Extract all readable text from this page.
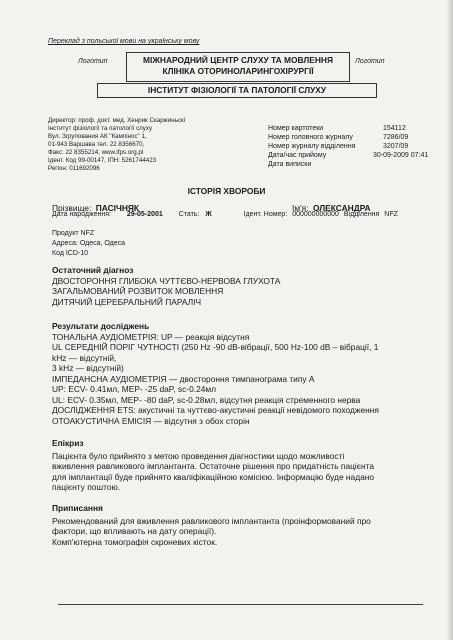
Переклад з польської мови на українську мову
Логотип	Логотип
МІЖНАРОДНИЙ ЦЕНТР СЛУХУ ТА МОВЛЕННЯ
КЛІНІКА ОТОРИНОЛАРИНГОХІРУРГІЇ
ІНСТИТУТ ФІЗІОЛОГІЇ ТА ПАТОЛОГІЇ СЛУХУ
Директор: проф. докт. мед. Хенрик Скаржиньскі
Інститут фізіології та патології слуху
Вул. Згрупования АК "Кампінос" 1,
01-943 Варшава тел. 22 8356670,
Факс: 22 8355214, www.ifps.org.pl
Ідент. Код 99-00147, ІПН: 5261744423
Регіон: 011692096
Номер картотеки	154112
Номер головного журналу	7286/09
Номер журналу відділення	3207/09
Дата/час прийому	30-09-2009 07:41
Дата виписки
ІСТОРІЯ ХВОРОБИ
Прізвище: ПАСІЧНЯК	Ім'я: ОЛЕКСАНДРА
Дата народження: 29-05-2001 Стать: Ж	Ідент. Номер: 000000000000 Відділення NFZ
Продукт NFZ
Адреса: Одеса, Одеса
Код ICD-10
Остаточний діагноз
ДВОСТОРОННЯ ГЛИБОКА ЧУТТЄВО-НЕРВОВА ГЛУХОТА
ЗАГАЛЬМОВАНИЙ РОЗВИТОК МОВЛЕННЯ
ДИТЯЧИЙ ЦЕРЕБРАЛЬНИЙ ПАРАЛІЧ
Результати досліджень
ТОНАЛЬНА АУДІОМЕТРІЯ: UP — реакція відсутня
UL СЕРЕДНІЙ ПОРІГ ЧУТНОСТІ (250 Hz -90 dB-вібрації, 500 Hz-100 dB – вібрації, 1
kHz — відсутній,
3 kHz — відсутній)
ІМПЕДАНСНА АУДІОМЕТРІЯ — двостороння тимпанограма типу А
UP: ECV- 0.41мл, MEP- -25 daP, sc-0.24мл
UL: ECV- 0.35мл, MEP- -80 daP, sc-0.28мл, відсутня реакція стременного нерва
ДОСЛІДЖЕННЯ ETS: акустичні та чуттєво-акустичні реакції невідомого походження
ОТОАКУСТИЧНА ЕМІСІЯ — відсутня з обох сторін
Епікриз
Пацієнта було прийнято з метою проведення діагностики щодо можливості
вживлення равликового імплантанта. Остаточне рішення про придатність пацієнта
для імплантації буде прийнято кваліфікаційною комісією. Інформацію буде надано
пацієнту поштою.
Приписання
Рекомендований для вживлення равликового імплантанта (проінформований про
фактори, що впливають на дату операції).
Комп'ютерна томографія скроневих кісток.
